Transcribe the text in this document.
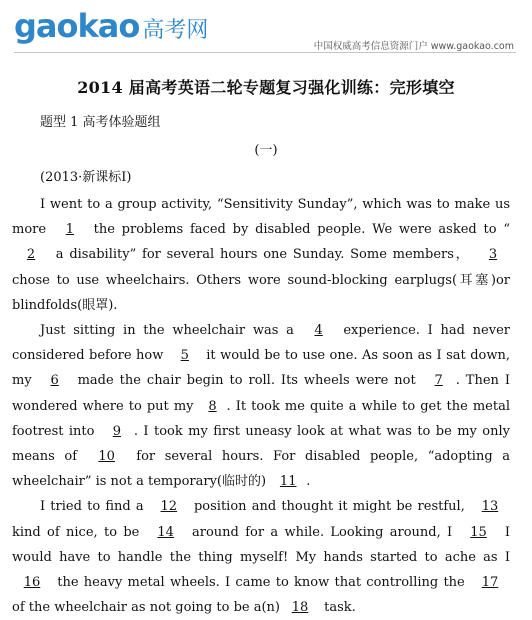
gaokao 高考网
中国权威高考信息资源门户 www.gaokao.com
2014 届高考英语二轮专题复习强化训练：完形填空
题型 1 高考体验题组
(一)
(2013·新课标Ⅰ)

I went to a group activity, “Sensitivity Sunday”, which was to make us more 1 the problems faced by disabled people. We were asked to “2 a disability” for several hours one Sunday. Some members， 3 chose to use wheelchairs. Others wore sound-blocking earplugs(耳塞)or blindfolds(眼罩).

Just sitting in the wheelchair was a 4 experience. I had never considered before how 5 it would be to use one. As soon as I sat down, my 6 made the chair begin to roll. Its wheels were not 7. Then I wondered where to put my 8. It took me quite a while to get the metal footrest into 9. I took my first uneasy look at what was to be my only means of 10 for several hours. For disabled people, “adopting a wheelchair” is not a temporary(临时的) 11.

I tried to find a 12 position and thought it might be restful, 13 kind of nice, to be 14 around for a while. Looking around, I 15 I would have to handle the thing myself! My hands started to ache as I 16 the heavy metal wheels. I came to know that controlling the 17 of the wheelchair as not going to be a(n)18 task.
